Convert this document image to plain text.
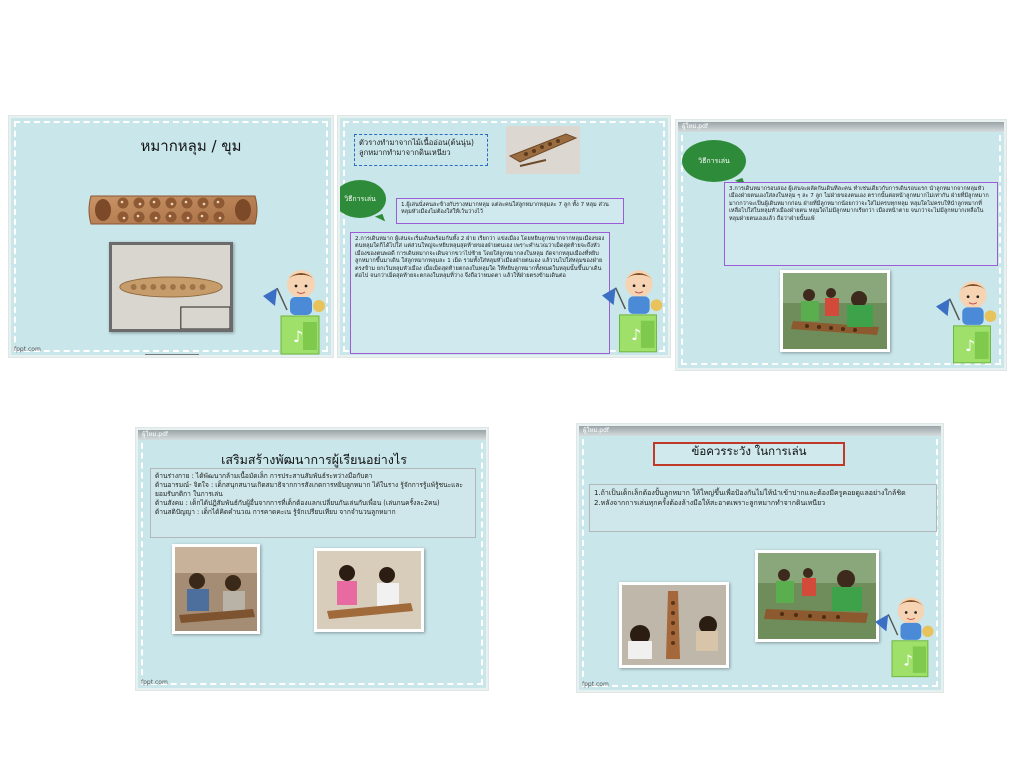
หมากหลุม / ขุม
♪
fppt.com
ตัวรางทำมาจากไม้เนื้ออ่อน(ต้นนุ่น)
ลูกหมากทำมาจากดินเหนียว
วิธีการเล่น
1.ผู้เล่นนั่งคนละข้างกับรางหมากหลุม แต่ละคนใส่ลูกหมากหลุมละ 7 ลูก ทั้ง 7 หลุม ส่วนหลุมหัวเมืองไม่ต้องใส่ให้เว้นว่างไว้
2.การเดินหมาก ผู้เล่นจะเริ่มเดินพร้อมกันทั้ง 2 ฝ่าย เรียกว่า แข่งเมือง โดยหยิบลูกหมากจากหลุมเมืองของตนหลุมใดก็ได้ไปใส่ แต่ส่วนใหญ่จะหยิบหลุมสุดท้ายของฝ่ายตนเอง เพราะคำนวณว่าเม็ดสุดท้ายจะถึงหัวเมืองของตนพอดี การเดินหมากจะเดินจากขวาไปซ้าย โดยใส่ลูกหมากลงในหลุม ถัดจากหลุมเมืองที่หยิบลูกหมากขึ้นมาเดิน ใส่ลูกหมากหลุมละ 1 เม็ด รวมทั้งใส่หลุมหัวเมืองฝ่ายตนเอง แล้ววนไปใส่หลุมของฝ่ายตรงข้าม ยกเว้นหลุมหัวเมือง เมื่อเม็ดสุดท้ายตกลงในหลุมใด ให้หยิบลูกหมากทั้งหมดในหลุมนั้นขึ้นมาเดินต่อไป จนกว่าเม็ดสุดท้ายจะตกลงในหลุมที่ว่าง จึงถือว่าหมดตา แล้วให้ฝ่ายตรงข้ามเดินต่อ
♪
ผู้ใหม่.pdf
วิธีการเล่น
3.การเดินหมากรอบสอง ผู้เล่นจะผลัดกันเดินทีละคน ทำเช่นเดียวกับการเดินรอบแรก นำลูกหมากจากหลุมหัวเมืองฝ่ายตนเองใส่ลงในหลุม ๆ ละ 7 ลูก ไม่ฝ่ายของตนเอง ตรากนั้นต่อหน้าลูกหมากไม่เท่ากัน ฝ่ายที่มีลูกหมากมากกว่าจะเป็นผู้เดินหมากก่อน ฝ่ายที่มีลูกหมากน้อยกว่าจะใส่ไม่ครบทุกหลุม หลุมใดไม่ครบให้นำลูกหมากที่เหลือไปใส่ในหลุมหัวเมืองฝ่ายตน หลุมใดไม่มีลูกหมากเรียกว่า เมืองหน้าตาย จนกว่าจะไม่มีลูกหมากเหลือในหลุมฝ่ายตนเองแล้ว ถือว่าฝ่ายนั้นแพ้
♪
ผู้ใหม่.pdf
เสริมสร้างพัฒนาการผู้เรียนอย่างไร
ด้านร่างกาย : ได้พัฒนากล้ามเนื้อมัดเล็ก การประสานสัมพันธ์ระหว่างมือกับตา
ด้านอารมณ์- จิตใจ : เด็กสนุกสนานเกิดสมาธิจากการสังเกตการหยิบลูกหมาก ได้ในราง รู้จักการรู้แพ้รู้ชนะและยอมรับกติกา ในการเล่น
ด้านสังคม : เด็กได้ปฏิสัมพันธ์กับผู้อื่นจากการที่เด็กต้องแลกเปลี่ยนกันเล่นกับเพื่อน (เล่นกนครั้งละ2คน)
ด้านสติปัญญา : เด็กได้คิดคำนวณ การคาดคะเน รู้จักเปรียบเทียบ จากจำนวนลูกหมาก
fppt.com
ผู้ใหม่.pdf
ข้อควรระวัง ในการเล่น
1.ถ้าเป็นเด็กเล็กต้องปั้นลูกหมาก ให้ใหญ่ขึ้นเพื่อป้องกันไม่ให้นำเข้าปากและต้องมีครูคอยดูแลอย่างใกล้ชิด
2.หลังจากการเล่นทุกครั้งต้องล้างมือให้สะอาดเพราะลูกหมากทำจากดินเหนียว
♪
fppt.com
